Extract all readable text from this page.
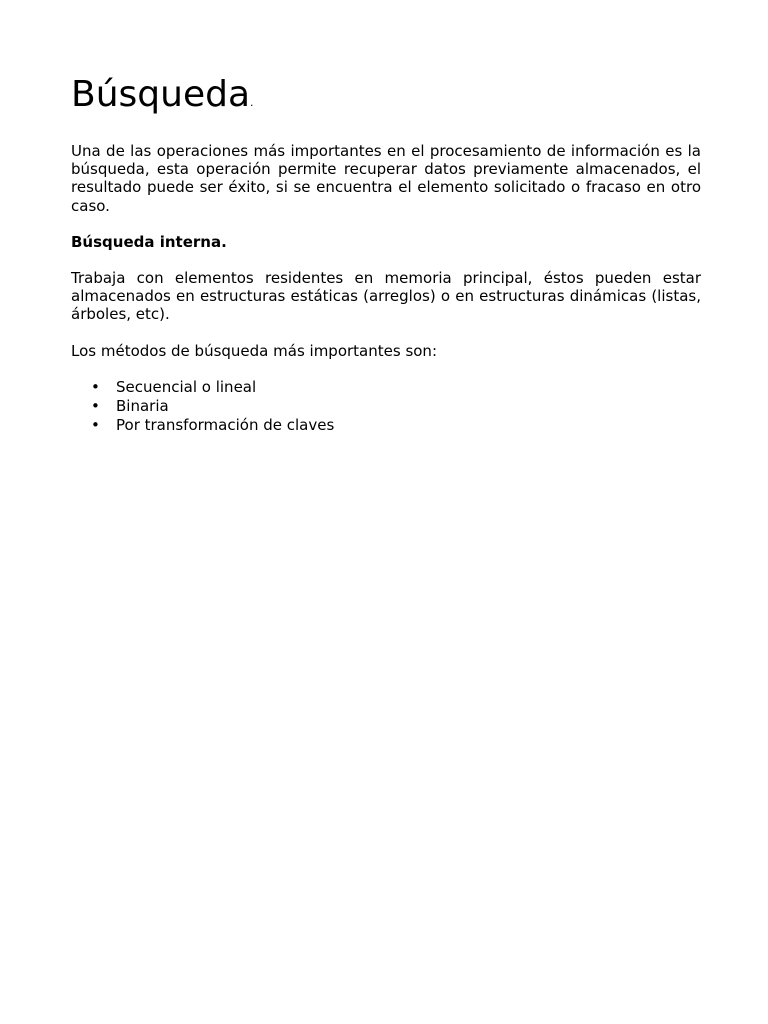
Búsqueda.

Una de las operaciones más importantes en el procesamiento de información es la búsqueda, esta operación permite recuperar datos previamente almacenados, el resultado puede ser éxito, si se encuentra el elemento solicitado o fracaso en otro caso.

Búsqueda interna.

Trabaja con elementos residentes en memoria principal, éstos pueden estar almacenados en estructuras estáticas (arreglos) o en estructuras dinámicas (listas, árboles, etc).

Los métodos de búsqueda más importantes son:

• Secuencial o lineal
• Binaria
• Por transformación de claves
